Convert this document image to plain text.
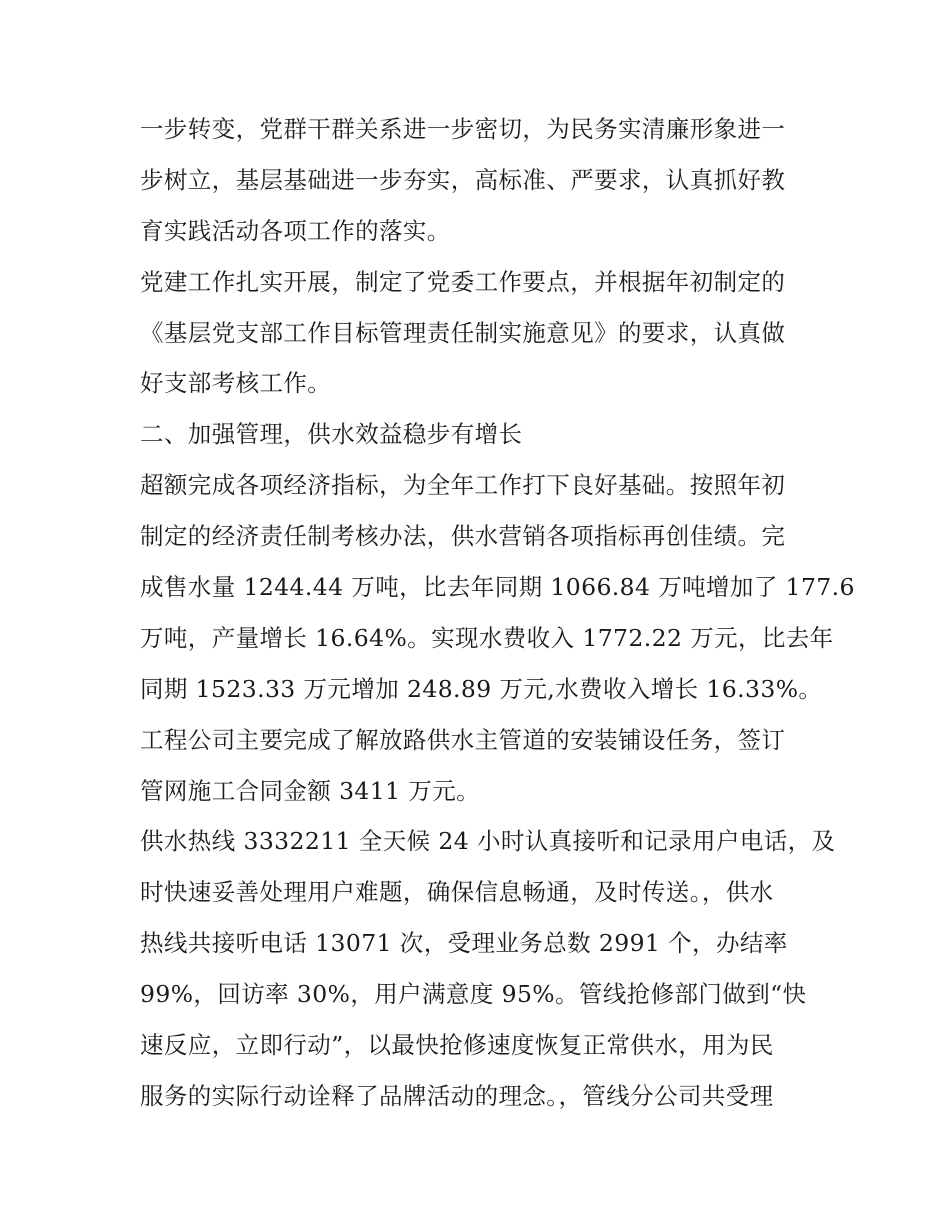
一步转变，党群干群关系进一步密切，为民务实清廉形象进一
步树立，基层基础进一步夯实，高标准、严要求，认真抓好教
育实践活动各项工作的落实。
党建工作扎实开展，制定了党委工作要点，并根据年初制定的
《基层党支部工作目标管理责任制实施意见》的要求，认真做
好支部考核工作。
二、加强管理，供水效益稳步有增长
超额完成各项经济指标，为全年工作打下良好基础。按照年初
制定的经济责任制考核办法，供水营销各项指标再创佳绩。完
成售水量 1244.44 万吨，比去年同期 1066.84 万吨增加了 177.6
万吨，产量增长 16.64%。实现水费收入 1772.22 万元，比去年
同期 1523.33 万元增加 248.89 万元,水费收入增长 16.33%。
工程公司主要完成了解放路供水主管道的安装铺设任务，签订
管网施工合同金额 3411 万元。
供水热线 3332211 全天候 24 小时认真接听和记录用户电话，及
时快速妥善处理用户难题，确保信息畅通，及时传送。，供水
热线共接听电话 13071 次，受理业务总数 2991 个，办结率
99%，回访率 30%，用户满意度 95%。管线抢修部门做到“快
速反应，立即行动”，以最快抢修速度恢复正常供水，用为民
服务的实际行动诠释了品牌活动的理念。，管线分公司共受理
